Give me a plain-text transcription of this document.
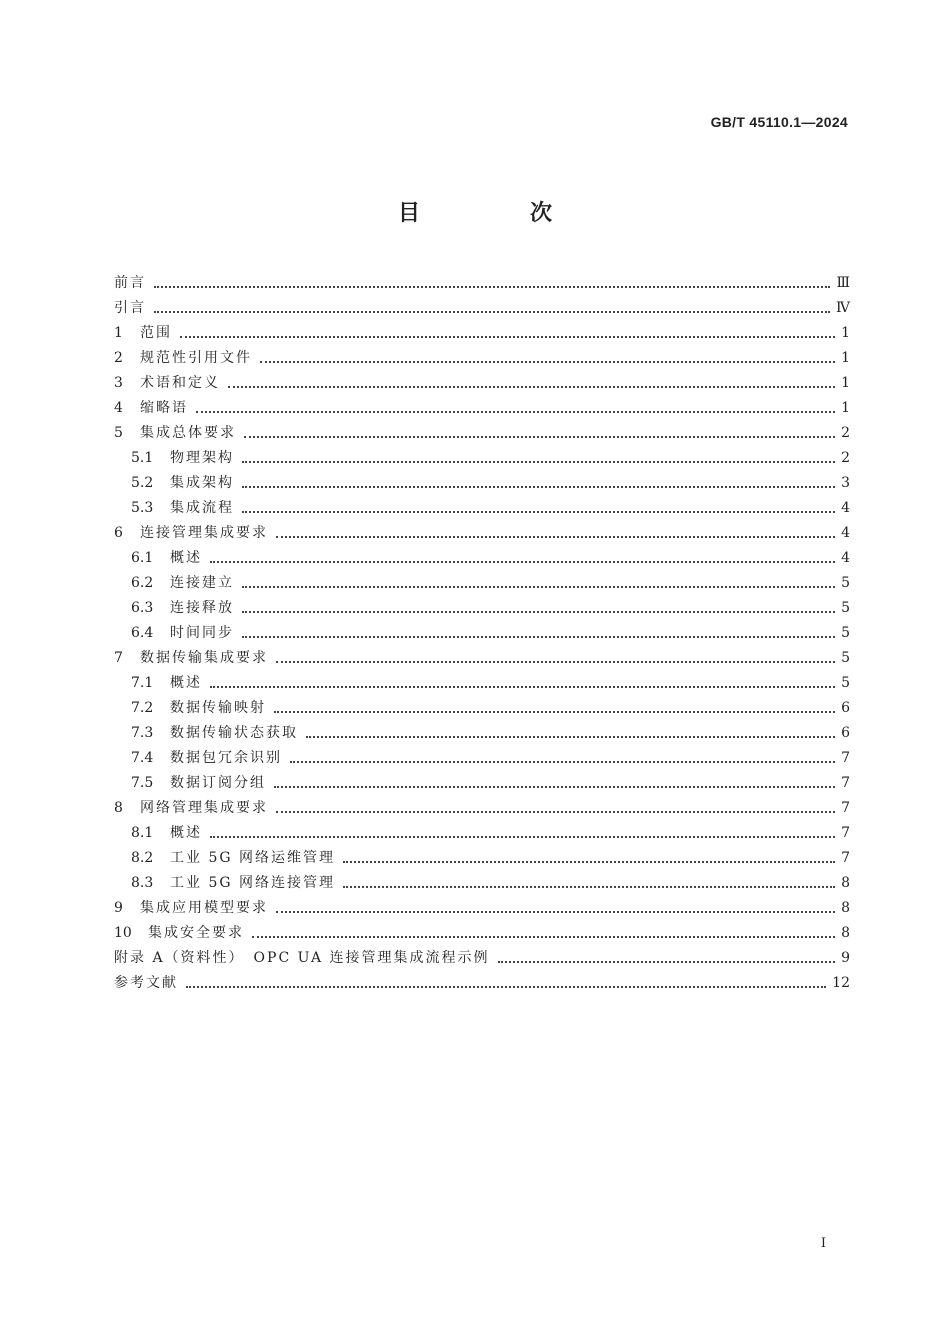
GB/T 45110.1—2024
目　次
前言	Ⅲ
引言	Ⅳ
1	范围	1
2	规范性引用文件	1
3	术语和定义	1
4	缩略语	1
5	集成总体要求	2
5.1	物理架构	2
5.2	集成架构	3
5.3	集成流程	4
6	连接管理集成要求	4
6.1	概述	4
6.2	连接建立	5
6.3	连接释放	5
6.4	时间同步	5
7	数据传输集成要求	5
7.1	概述	5
7.2	数据传输映射	6
7.3	数据传输状态获取	6
7.4	数据包冗余识别	7
7.5	数据订阅分组	7
8	网络管理集成要求	7
8.1	概述	7
8.2	工业 5G 网络运维管理	7
8.3	工业 5G 网络连接管理	8
9	集成应用模型要求	8
10	集成安全要求	8
附录 A（资料性）　OPC UA 连接管理集成流程示例	9
参考文献	12
I
